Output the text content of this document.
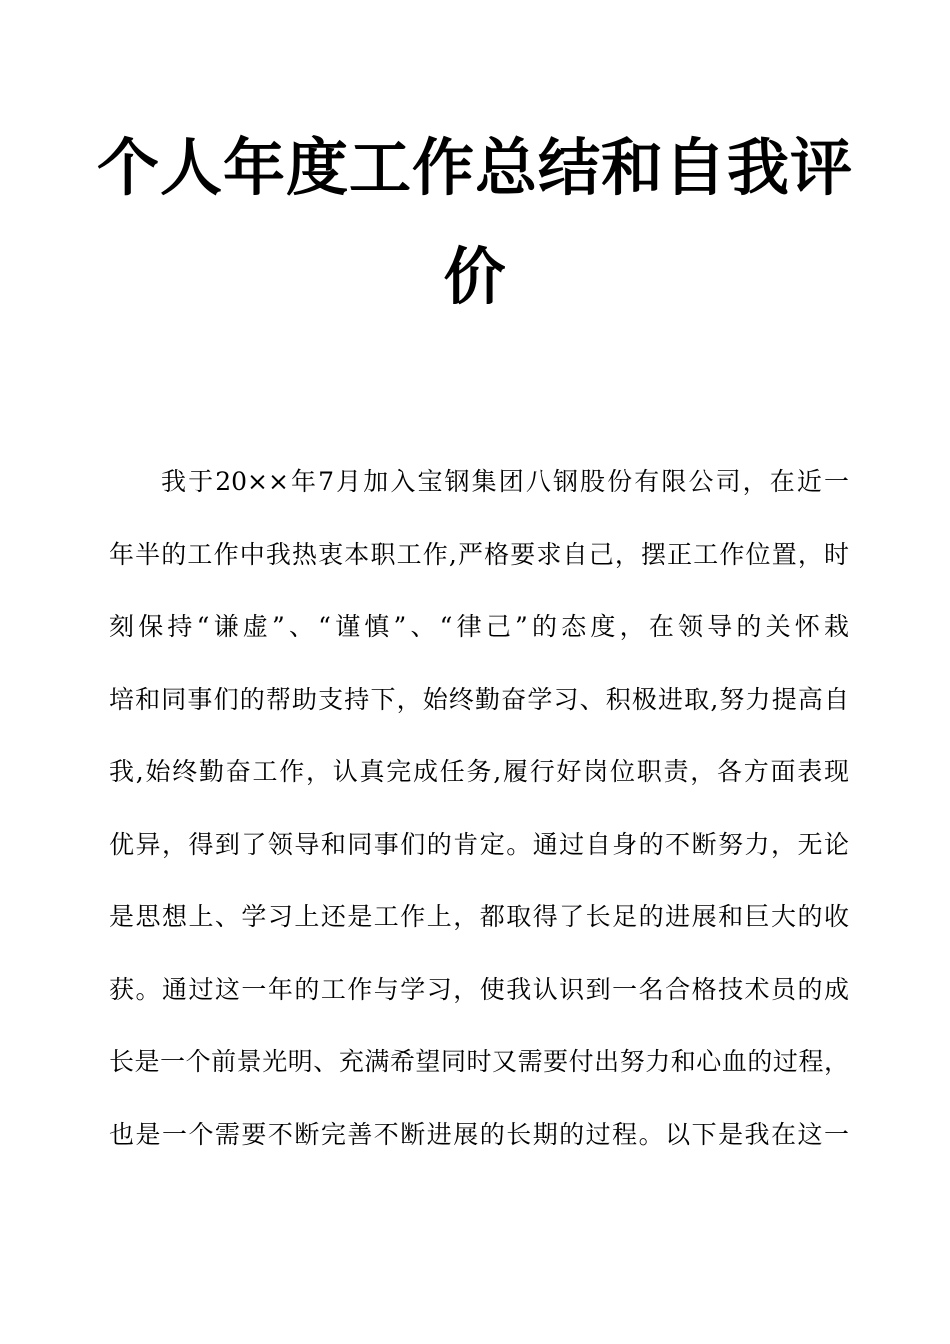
个人年度工作总结和自我评
价
我于20××年7月加入宝钢集团八钢股份有限公司，在近一
年半的工作中我热衷本职工作,严格要求自己，摆正工作位置，时
刻保持“谦虚”、“谨慎”、“律己”的态度，在领导的关怀栽
培和同事们的帮助支持下，始终勤奋学习、积极进取,努力提高自
我,始终勤奋工作，认真完成任务,履行好岗位职责，各方面表现
优异，得到了领导和同事们的肯定。通过自身的不断努力，无论
是思想上、学习上还是工作上，都取得了长足的进展和巨大的收
获。通过这一年的工作与学习，使我认识到一名合格技术员的成
长是一个前景光明、充满希望同时又需要付出努力和心血的过程，
也是一个需要不断完善不断进展的长期的过程。以下是我在这一
